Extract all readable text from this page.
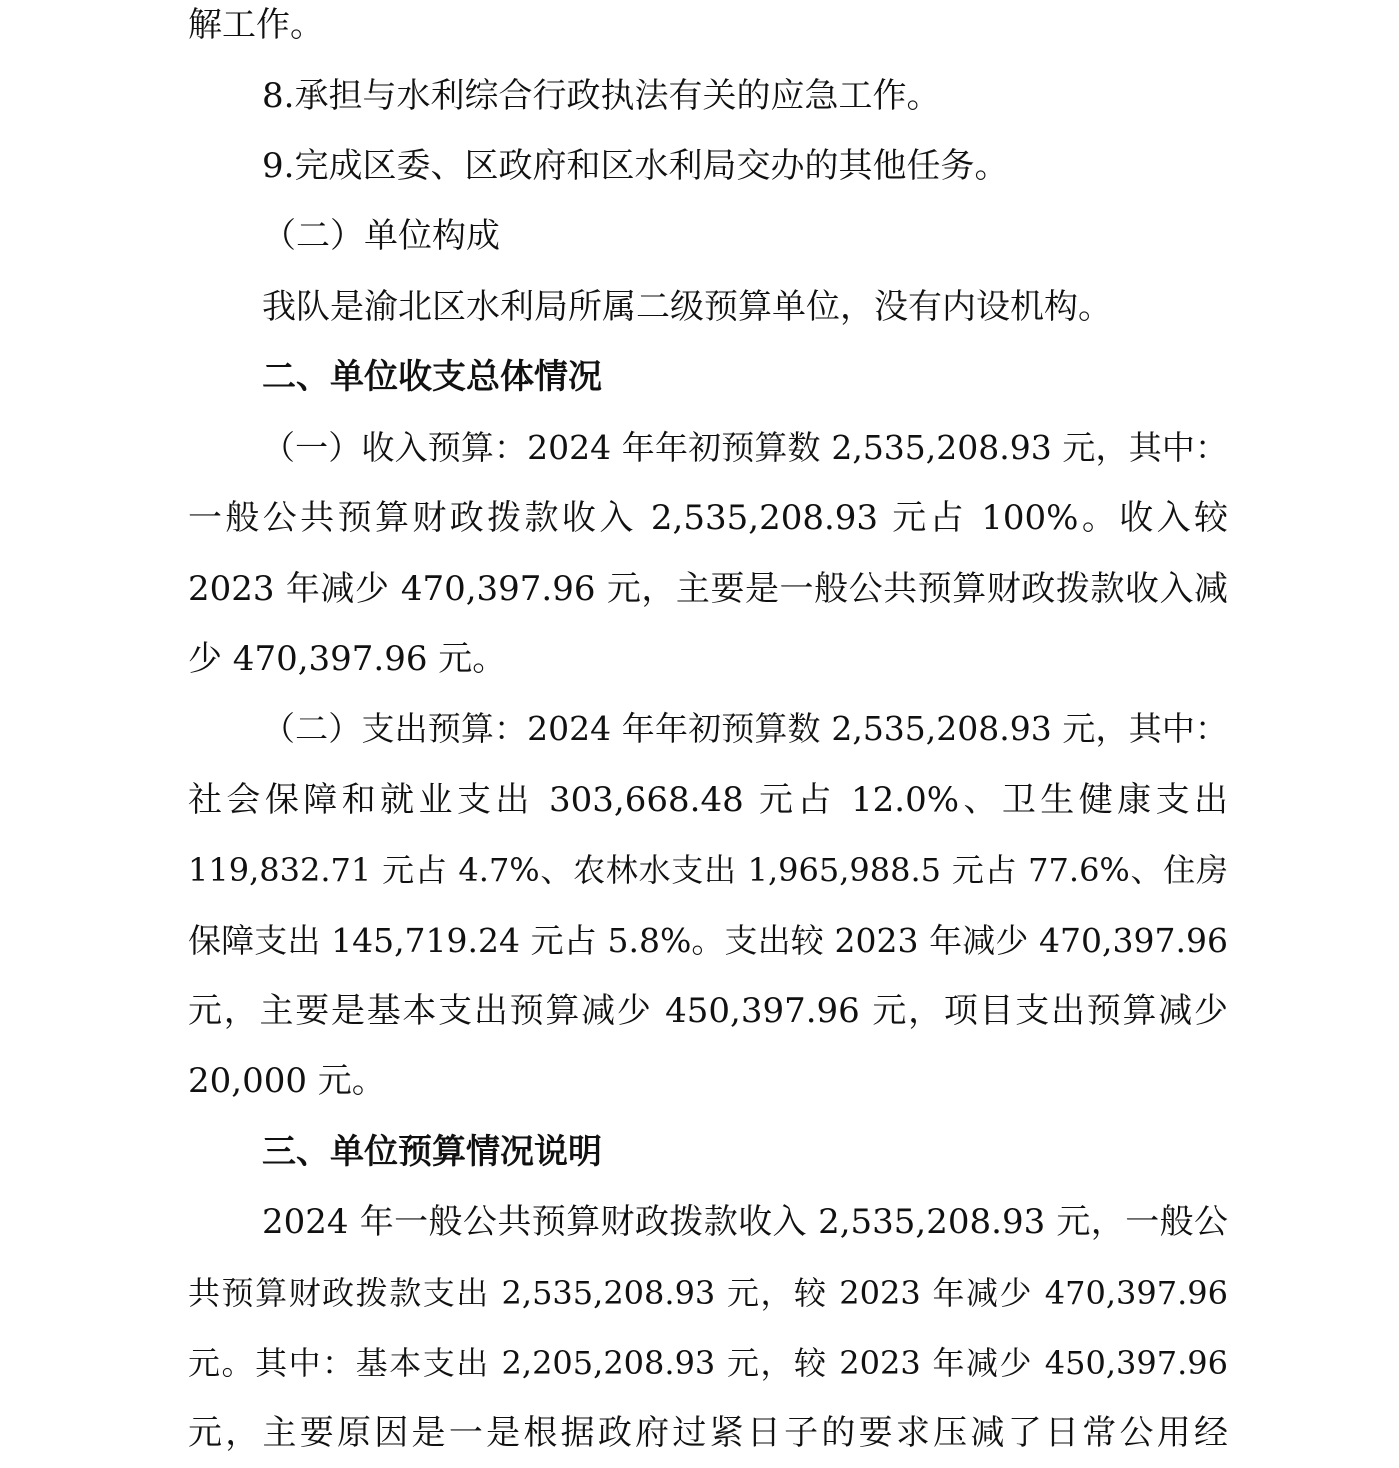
解工作。
8.承担与水利综合行政执法有关的应急工作。
9.完成区委、区政府和区水利局交办的其他任务。
（二）单位构成
我队是渝北区水利局所属二级预算单位，没有内设机构。
二、单位收支总体情况
（一）收入预算：2024 年年初预算数 2,535,208.93 元，其中：
一般公共预算财政拨款收入 2,535,208.93 元占 100%。收入较
2023 年减少 470,397.96 元，主要是一般公共预算财政拨款收入减
少 470,397.96 元。
（二）支出预算：2024 年年初预算数 2,535,208.93 元，其中：
社会保障和就业支出 303,668.48 元占 12.0%、卫生健康支出
119,832.71 元占 4.7%、农林水支出 1,965,988.5 元占 77.6%、住房
保障支出 145,719.24 元占 5.8%。支出较 2023 年减少 470,397.96
元，主要是基本支出预算减少 450,397.96 元，项目支出预算减少
20,000 元。
三、单位预算情况说明
2024 年一般公共预算财政拨款收入 2,535,208.93 元，一般公
共预算财政拨款支出 2,535,208.93 元，较 2023 年减少 470,397.96
元。其中：基本支出 2,205,208.93 元，较 2023 年减少 450,397.96
元，主要原因是一是根据政府过紧日子的要求压减了日常公用经
